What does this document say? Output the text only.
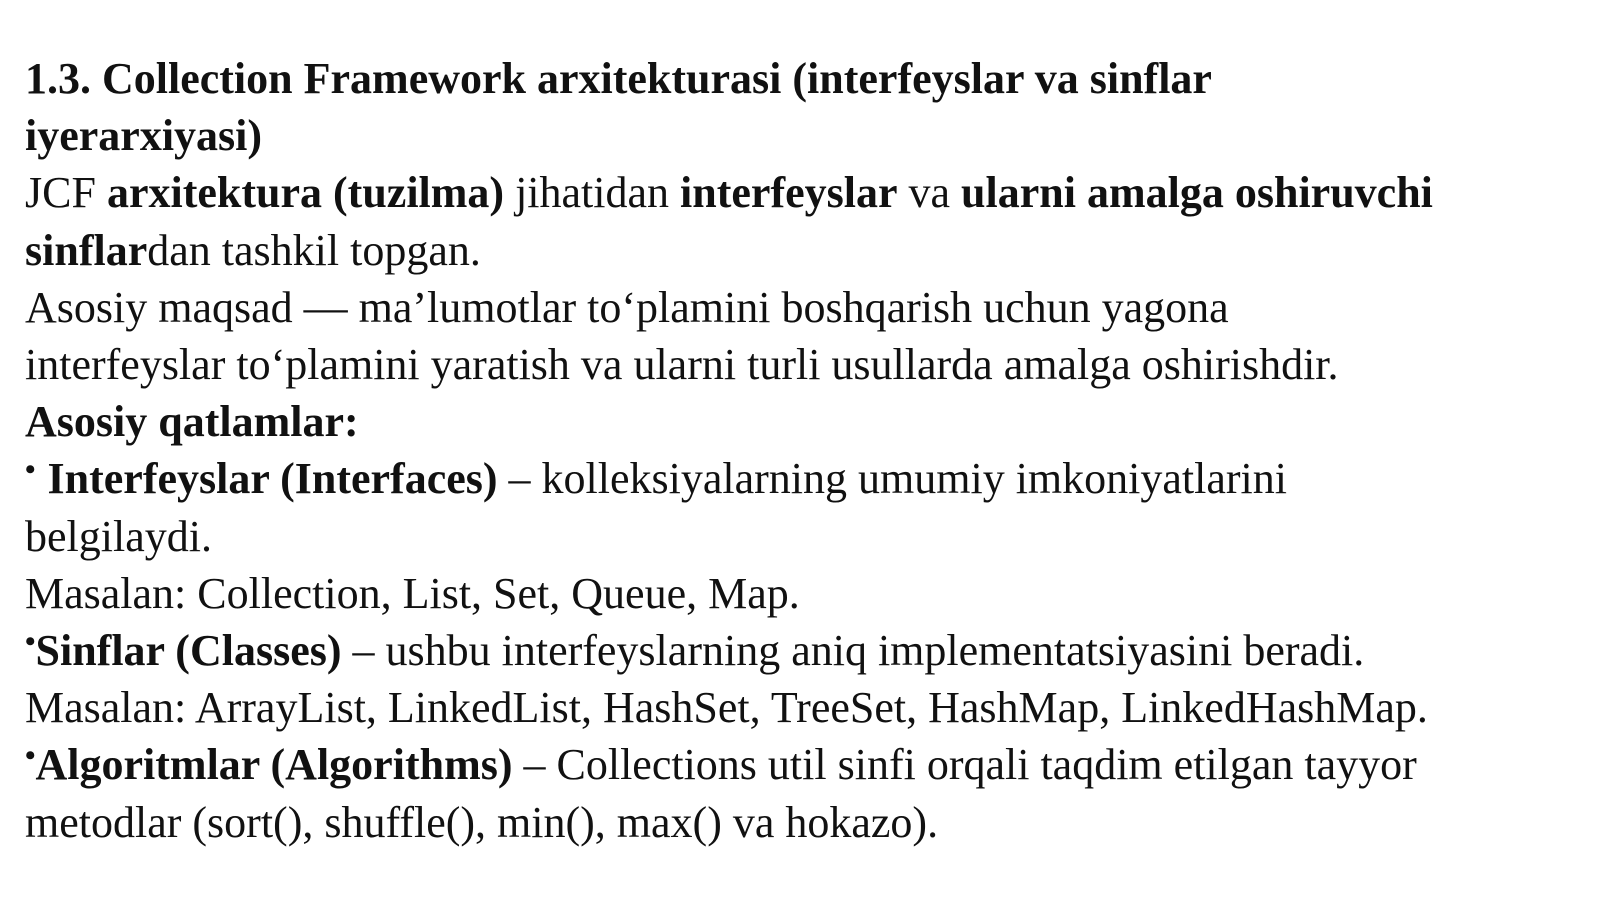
1.3. Collection Framework arxitekturasi (interfeyslar va sinflar
iyerarxiyasi)
JCF arxitektura (tuzilma) jihatidan interfeyslar va ularni amalga oshiruvchi
sinflardan tashkil topgan.
Asosiy maqsad — ma’lumotlar to‘plamini boshqarish uchun yagona
interfeyslar to‘plamini yaratish va ularni turli usullarda amalga oshirishdir.
Asosiy qatlamlar:
• Interfeyslar (Interfaces) – kolleksiyalarning umumiy imkoniyatlarini
belgilaydi.
Masalan: Collection, List, Set, Queue, Map.
•Sinflar (Classes) – ushbu interfeyslarning aniq implementatsiyasini beradi.
Masalan: ArrayList, LinkedList, HashSet, TreeSet, HashMap, LinkedHashMap.
•Algoritmlar (Algorithms) – Collections util sinfi orqali taqdim etilgan tayyor
metodlar (sort(), shuffle(), min(), max() va hokazo).
